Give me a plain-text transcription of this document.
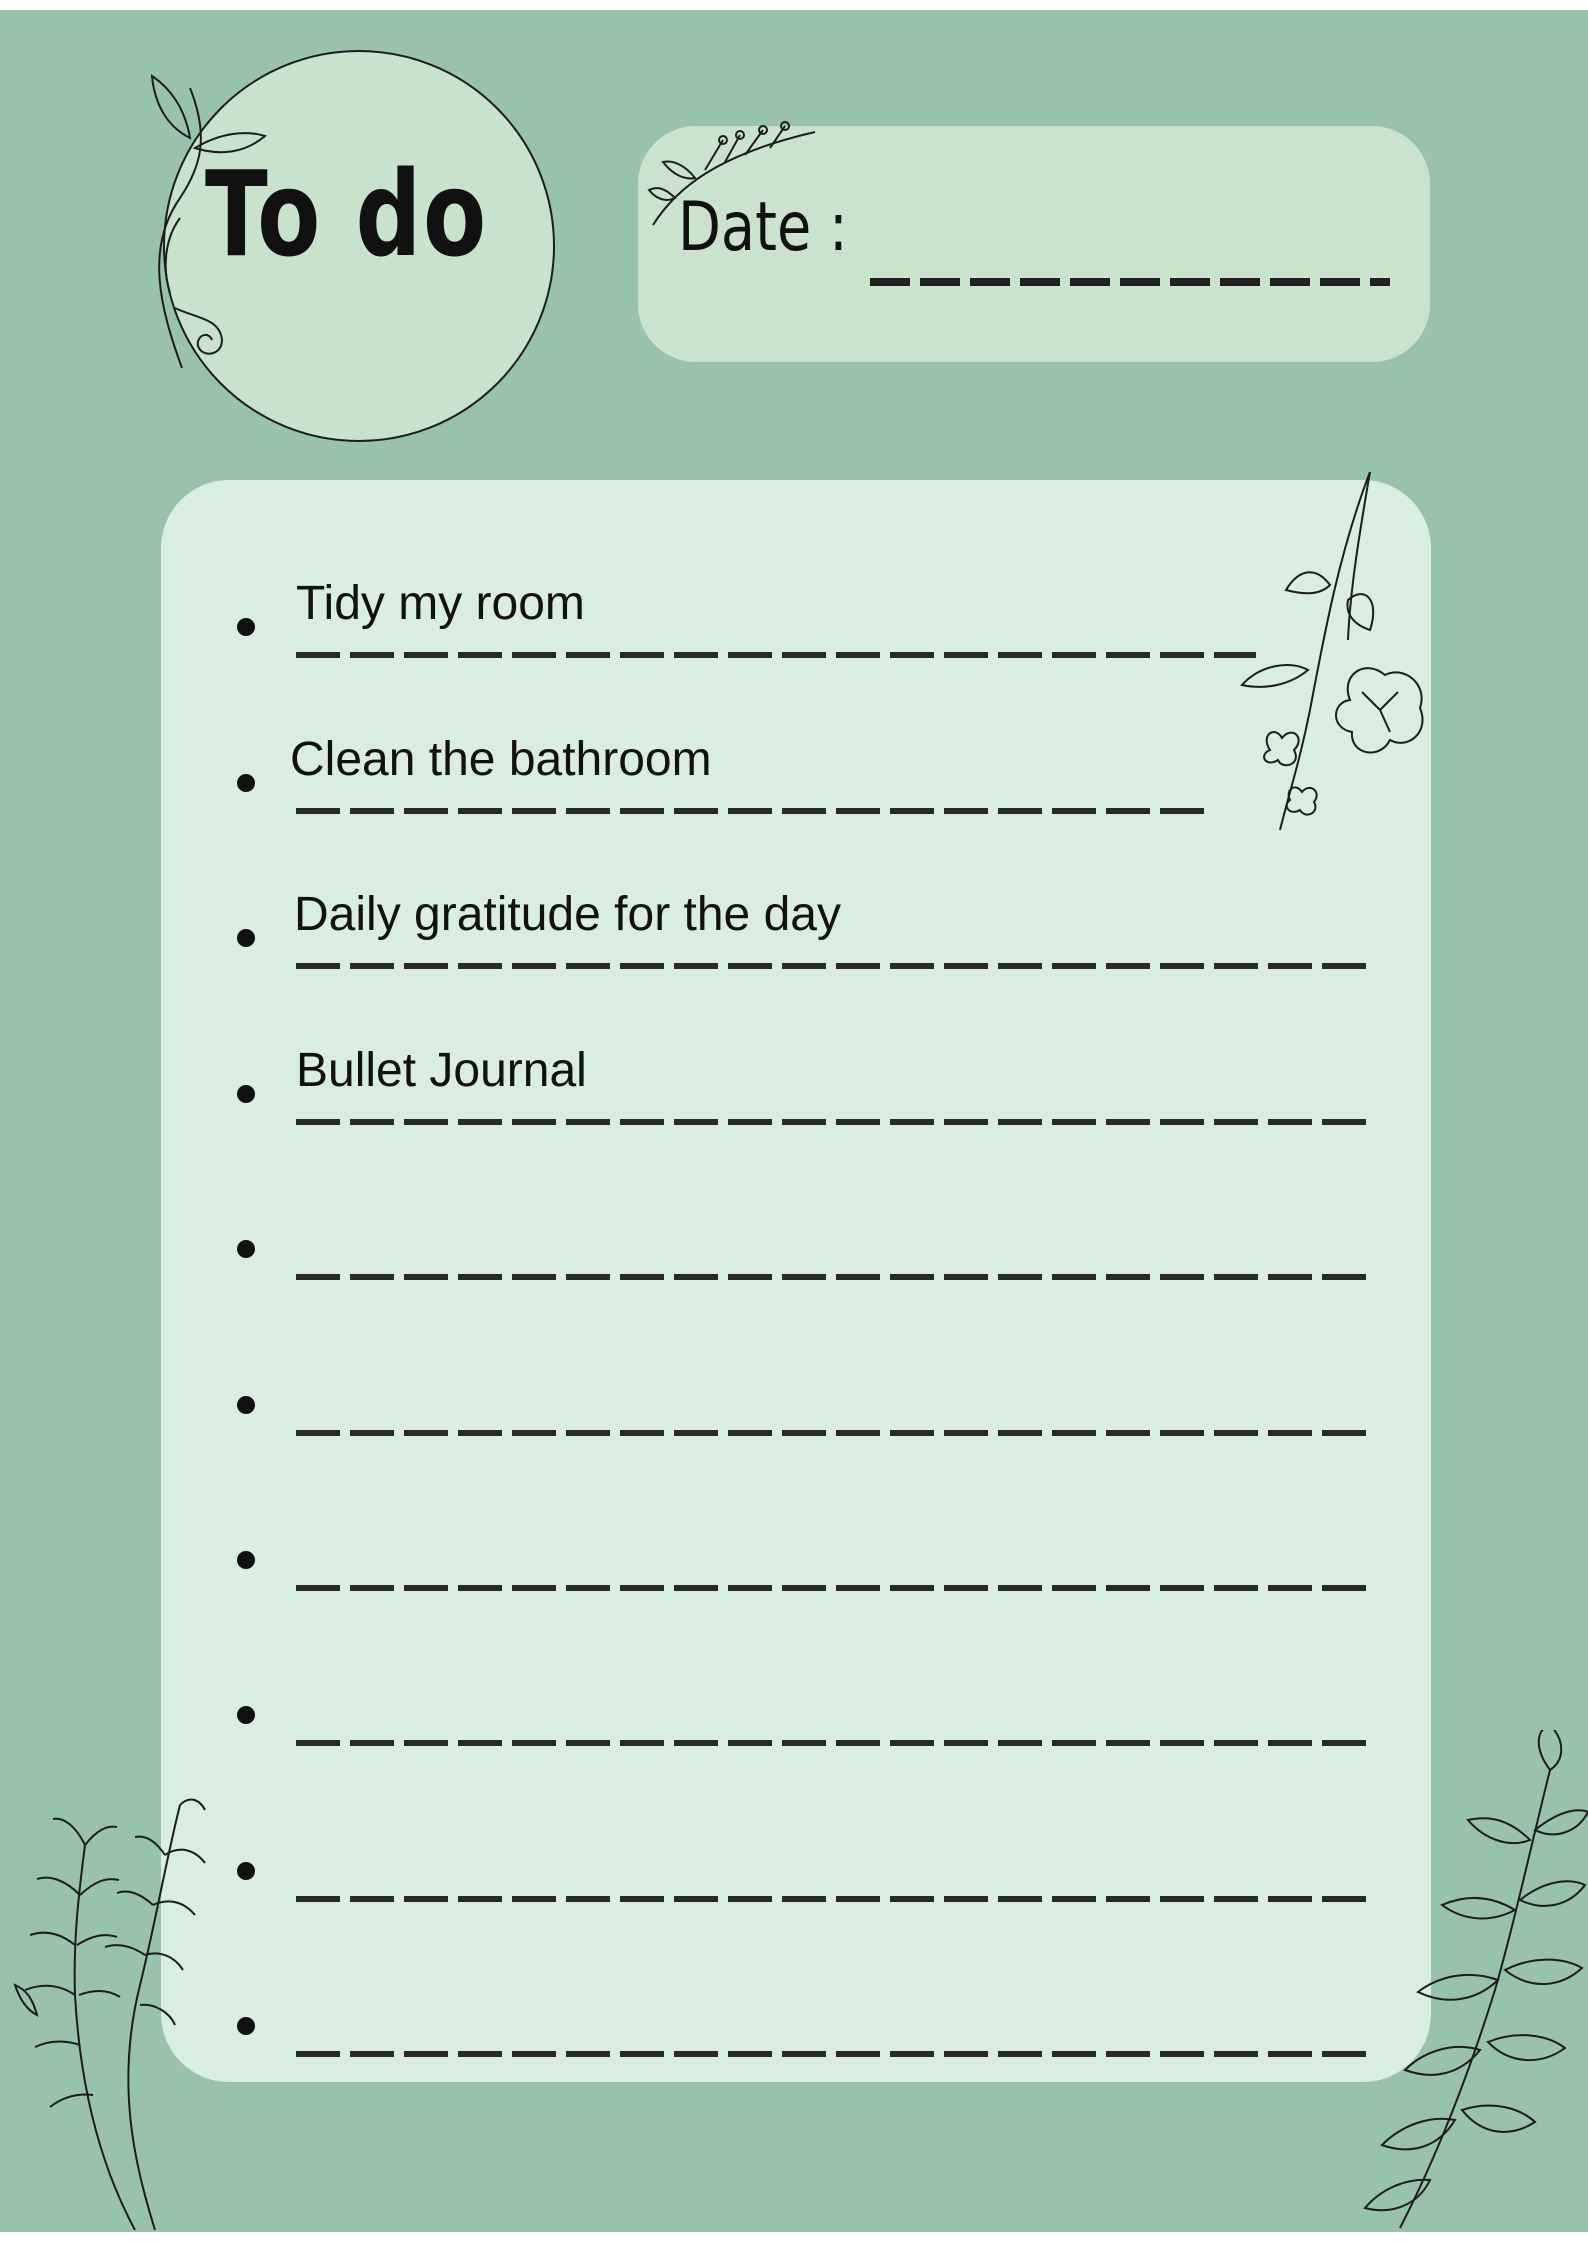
To do	Date :
Tidy my room
Clean the bathroom
Daily gratitude for the day
Bullet Journal
